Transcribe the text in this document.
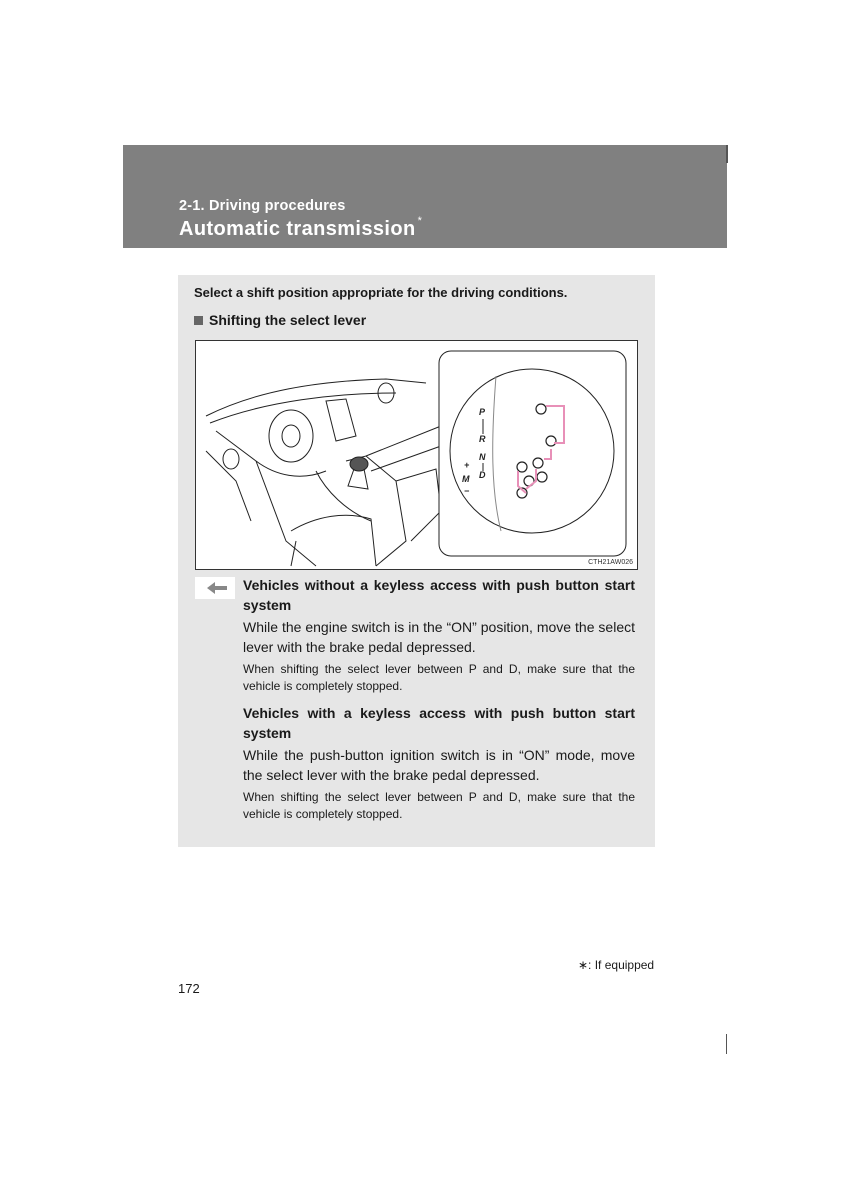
2-1. Driving procedures
Automatic transmission *
Select a shift position appropriate for the driving conditions.
Shifting the select lever
P
R
N
D
+
M
−
CTH21AW026
Vehicles without a keyless access with push button start system
While the engine switch is in the “ON” position, move the select lever with the brake pedal depressed.
When shifting the select lever between P and D, make sure that the vehicle is completely stopped.
Vehicles with a keyless access with push button start system
While the push-button ignition switch is in “ON” mode, move the select lever with the brake pedal depressed.
When shifting the select lever between P and D, make sure that the vehicle is completely stopped.
∗: If equipped
172
